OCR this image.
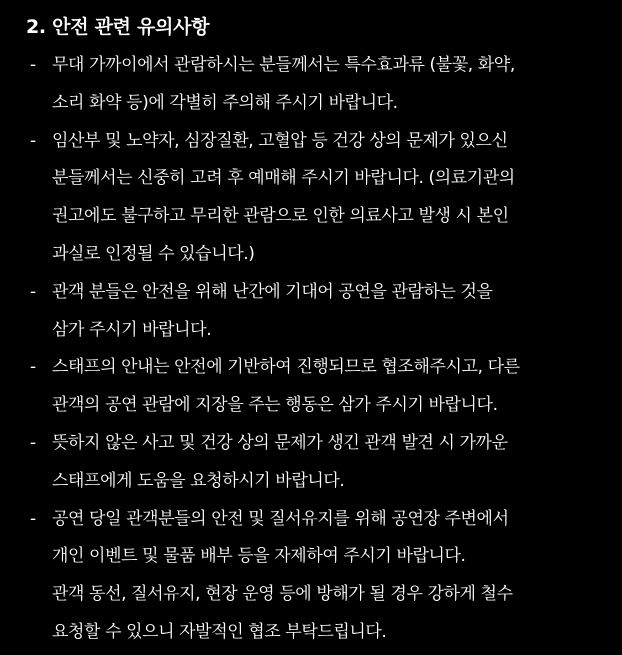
2. 안전 관련 유의사항
- 무대 가까이에서 관람하시는 분들께서는 특수효과류 (불꽃, 화약,
소리 화약 등)에 각별히 주의해 주시기 바랍니다.
- 임산부 및 노약자, 심장질환, 고혈압 등 건강 상의 문제가 있으신
분들께서는 신중히 고려 후 예매해 주시기 바랍니다. (의료기관의
권고에도 불구하고 무리한 관람으로 인한 의료사고 발생 시 본인
과실로 인정될 수 있습니다.)
- 관객 분들은 안전을 위해 난간에 기대어 공연을 관람하는 것을
삼가 주시기 바랍니다.
- 스태프의 안내는 안전에 기반하여 진행되므로 협조해주시고, 다른
관객의 공연 관람에 지장을 주는 행동은 삼가 주시기 바랍니다.
- 뜻하지 않은 사고 및 건강 상의 문제가 생긴 관객 발견 시 가까운
스태프에게 도움을 요청하시기 바랍니다.
- 공연 당일 관객분들의 안전 및 질서유지를 위해 공연장 주변에서
개인 이벤트 및 물품 배부 등을 자제하여 주시기 바랍니다.
관객 동선, 질서유지, 현장 운영 등에 방해가 될 경우 강하게 철수
요청할 수 있으니 자발적인 협조 부탁드립니다.
